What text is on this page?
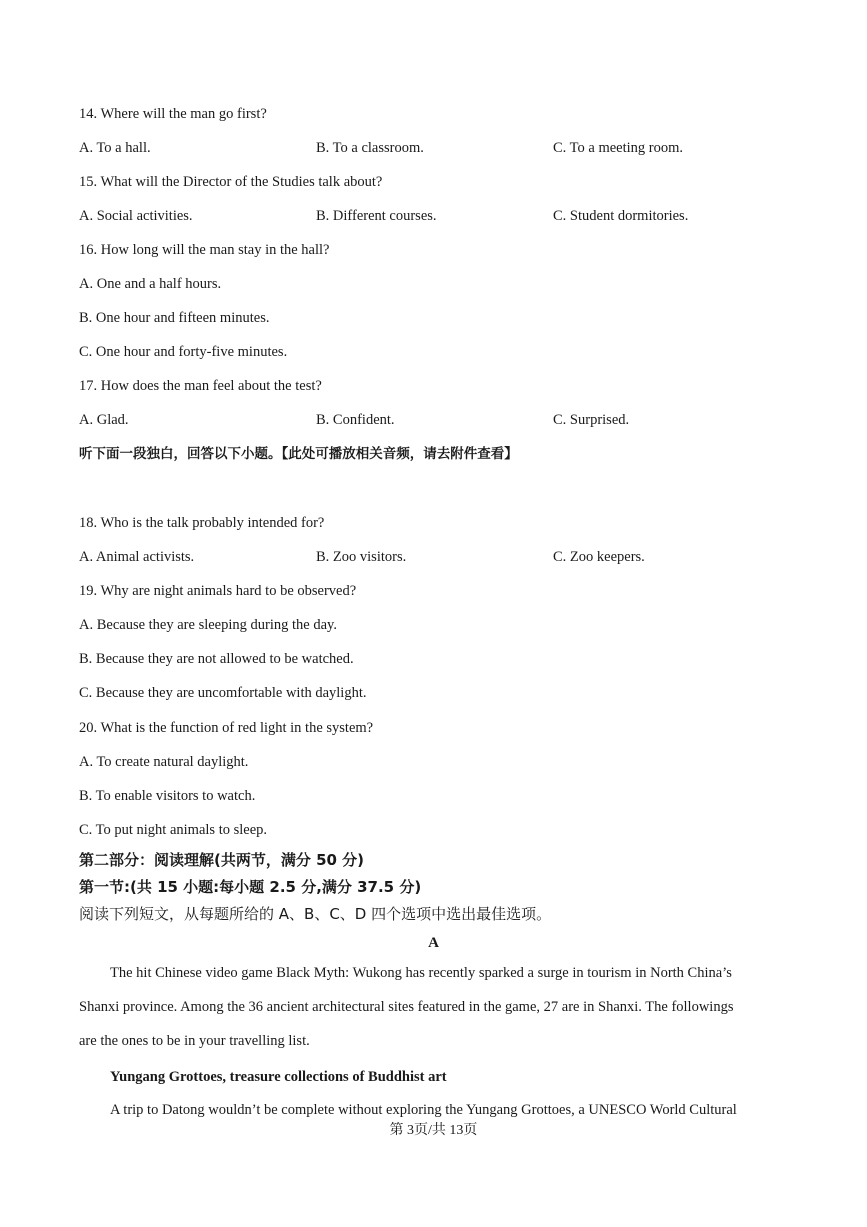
14. Where will the man go first?
A. To a hall.	B. To a classroom.	C. To a meeting room.
15. What will the Director of the Studies talk about?
A. Social activities.	B. Different courses.	C. Student dormitories.
16. How long will the man stay in the hall?
A. One and a half hours.
B. One hour and fifteen minutes.
C. One hour and forty-five minutes.
17. How does the man feel about the test?
A. Glad.	B. Confident.	C. Surprised.
听下面一段独白，回答以下小题。【此处可播放相关音频，请去附件查看】
18. Who is the talk probably intended for?
A. Animal activists.	B. Zoo visitors.	C. Zoo keepers.
19. Why are night animals hard to be observed?
A. Because they are sleeping during the day.
B. Because they are not allowed to be watched.
C. Because they are uncomfortable with daylight.
20. What is the function of red light in the system?
A. To create natural daylight.
B. To enable visitors to watch.
C. To put night animals to sleep.
第二部分：阅读理解(共两节，满分 50 分)
第一节:(共 15 小题:每小题 2.5 分,满分 37.5 分)
阅读下列短文，从每题所给的 A、B、C、D 四个选项中选出最佳选项。
A
The hit Chinese video game Black Myth: Wukong has recently sparked a surge in tourism in North China’s
Shanxi province. Among the 36 ancient architectural sites featured in the game, 27 are in Shanxi. The followings
are the ones to be in your travelling list.
Yungang Grottoes, treasure collections of Buddhist art
A trip to Datong wouldn’t be complete without exploring the Yungang Grottoes, a UNESCO World Cultural
第 3页/共 13页
